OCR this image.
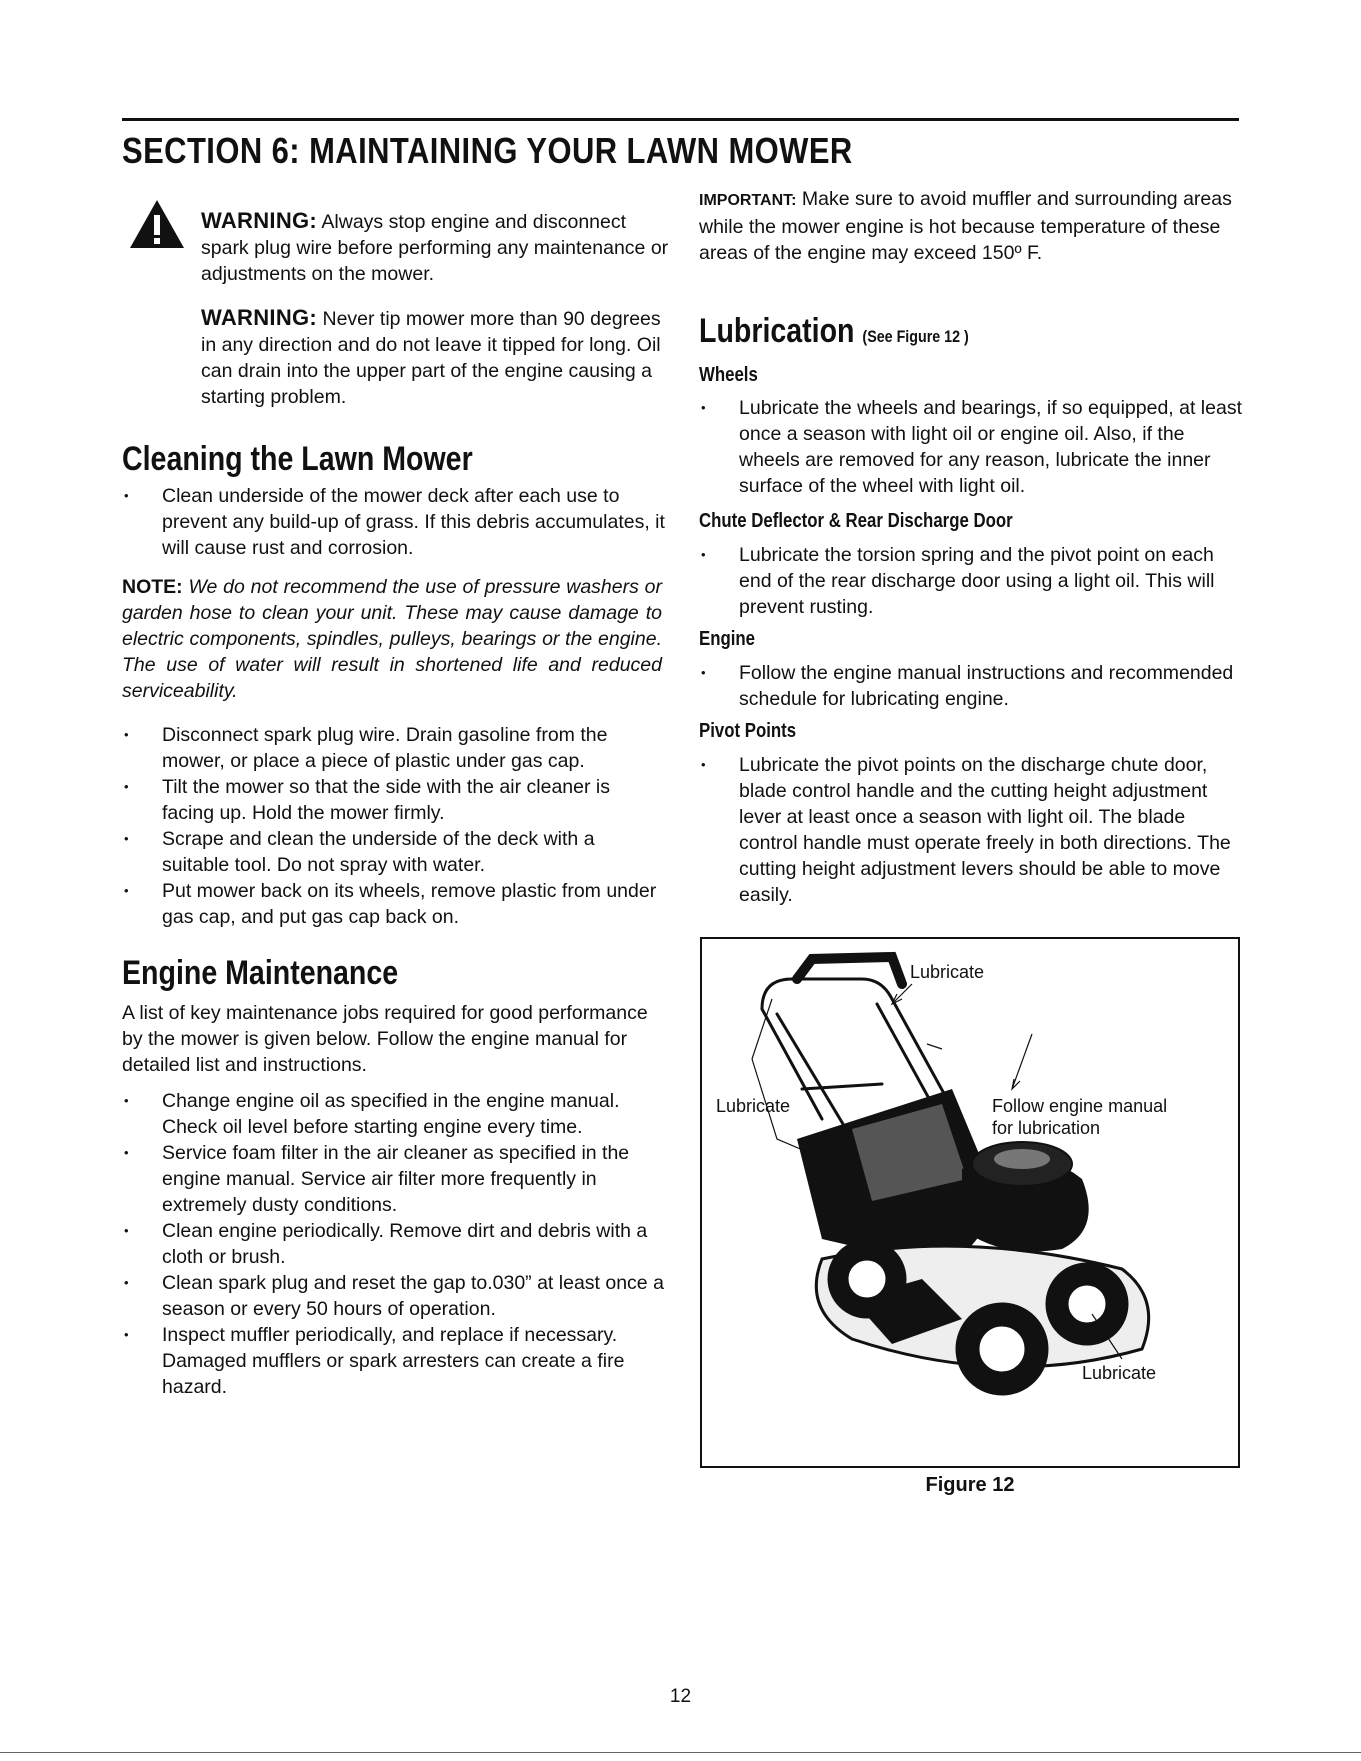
SECTION 6: MAINTAINING YOUR LAWN MOWER

WARNING: Always stop engine and disconnect spark plug wire before performing any maintenance or adjustments on the mower.

WARNING: Never tip mower more than 90 degrees in any direction and do not leave it tipped for long. Oil can drain into the upper part of the engine causing a starting problem.

Cleaning the Lawn Mower
• Clean underside of the mower deck after each use to prevent any build-up of grass. If this debris accumulates, it will cause rust and corrosion.

NOTE: We do not recommend the use of pressure washers or garden hose to clean your unit. These may cause damage to electric components, spindles, pulleys, bearings or the engine. The use of water will result in shortened life and reduced serviceability.

• Disconnect spark plug wire. Drain gasoline from the mower, or place a piece of plastic under gas cap.
• Tilt the mower so that the side with the air cleaner is facing up. Hold the mower firmly.
• Scrape and clean the underside of the deck with a suitable tool. Do not spray with water.
• Put mower back on its wheels, remove plastic from under gas cap, and put gas cap back on.
Engine Maintenance

A list of key maintenance jobs required for good performance by the mower is given below. Follow the engine manual for detailed list and instructions.

• Change engine oil as specified in the engine manual. Check oil level before starting engine every time.
• Service foam filter in the air cleaner as specified in the engine manual. Service air filter more frequently in extremely dusty conditions.
• Clean engine periodically. Remove dirt and debris with a cloth or brush.
• Clean spark plug and reset the gap to.030” at least once a season or every 50 hours of operation.
• Inspect muffler periodically, and replace if necessary. Damaged mufflers or spark arresters can create a fire hazard.

IMPORTANT: Make sure to avoid muffler and surrounding areas while the mower engine is hot because temperature of these areas of the engine may exceed 150º F.

Lubrication (See Figure 12 )
Wheels
• Lubricate the wheels and bearings, if so equipped, at least once a season with light oil or engine oil. Also, if the wheels are removed for any reason, lubricate the inner surface of the wheel with light oil.
Chute Deflector & Rear Discharge Door
• Lubricate the torsion spring and the pivot point on each end of the rear discharge door using a light oil. This will prevent rusting.
Engine
• Follow the engine manual instructions and recommended schedule for lubricating engine.
Pivot Points
• Lubricate the pivot points on the discharge chute door, blade control handle and the cutting height adjustment lever at least once a season with light oil. The blade control handle must operate freely in both directions. The cutting height adjustment levers should be able to move easily.
Lubricate
Lubricate	Follow engine manual for lubrication
Lubricate
Figure 12
12
